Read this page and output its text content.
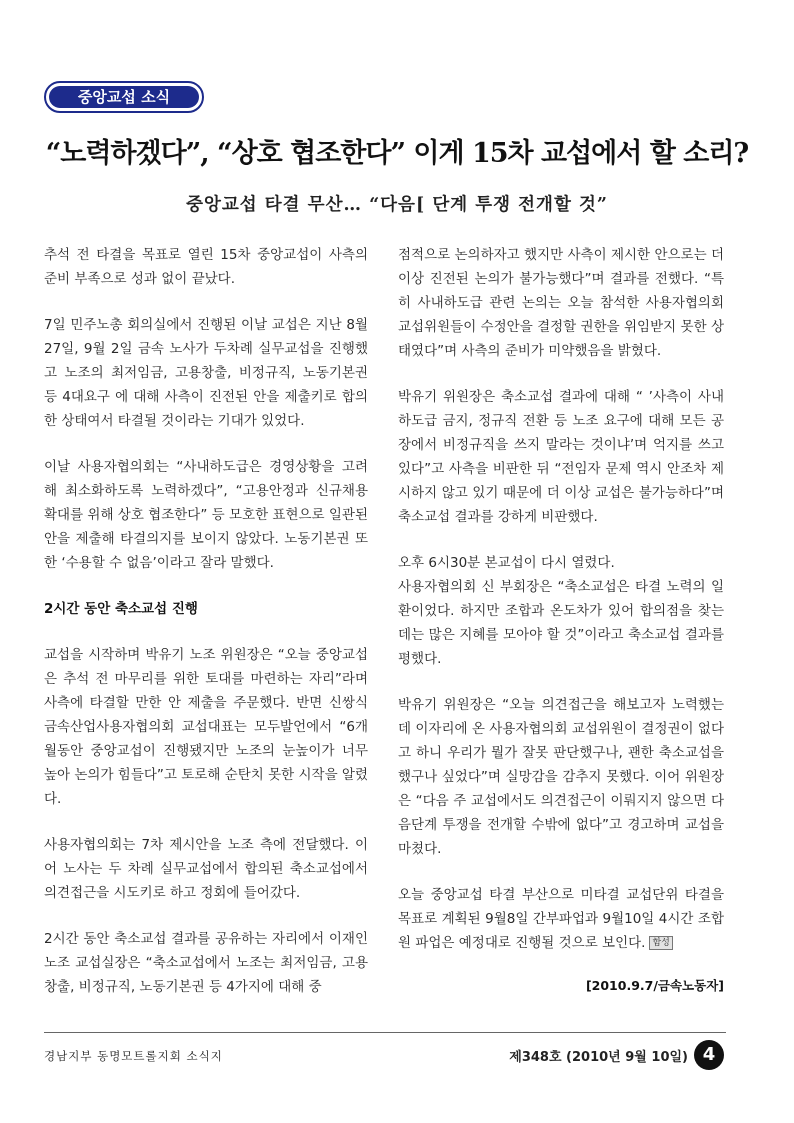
중앙교섭 소식
“노력하겠다”, “상호 협조한다” 이게 15차 교섭에서 할 소리?
중앙교섭 타결 무산… “다음[ 단계 투쟁 전개할 것”

추석 전 타결을 목표로 열린 15차 중앙교섭이 사측의 준비 부족으로 성과 없이 끝났다.

7일 민주노총 회의실에서 진행된 이날 교섭은 지난 8월 27일, 9월 2일 금속 노사가 두차례 실무교섭을 진행했고 노조의 최저임금, 고용창출, 비정규직, 노동기본권 등 4대요구 에 대해 사측이 진전된 안을 제출키로 합의한 상태여서 타결될 것이라는 기대가 있었다.

이날 사용자협의회는 “사내하도급은 경영상황을 고려해 최소화하도록 노력하겠다”, “고용안정과 신규채용 확대를 위해 상호 협조한다” 등 모호한 표현으로 일관된 안을 제출해 타결의지를 보이지 않았다. 노동기본권 또한 ‘수용할 수 없음’이라고 잘라 말했다.

2시간 동안 축소교섭 진행

교섭을 시작하며 박유기 노조 위원장은 “오늘 중앙교섭은 추석 전 마무리를 위한 토대를 마련하는 자리”라며 사측에 타결할 만한 안 제출을 주문했다. 반면 신쌍식 금속산업사용자협의회 교섭대표는 모두발언에서 “6개월동안 중앙교섭이 진행됐지만 노조의 눈높이가 너무 높아 논의가 힘들다”고 토로해 순탄치 못한 시작을 알렸다.

사용자협의회는 7차 제시안을 노조 측에 전달했다. 이어 노사는 두 차례 실무교섭에서 합의된 축소교섭에서 의견접근을 시도키로 하고 정회에 들어갔다.

2시간 동안 축소교섭 결과를 공유하는 자리에서 이재인 노조 교섭실장은 “축소교섭에서 노조는 최저임금, 고용창출, 비정규직, 노동기본권 등 4가지에 대해 중

점적으로 논의하자고 했지만 사측이 제시한 안으로는 더 이상 진전된 논의가 불가능했다”며 결과를 전했다. “특히 사내하도급 관련 논의는 오늘 참석한 사용자협의회 교섭위원들이 수정안을 결정할 권한을 위임받지 못한 상태였다”며 사측의 준비가 미약했음을 밝혔다.

박유기 위원장은 축소교섭 결과에 대해 “ ’사측이 사내하도급 금지, 정규직 전환 등 노조 요구에 대해 모든 공장에서 비정규직을 쓰지 말라는 것이냐’며 억지를 쓰고 있다”고 사측을 비판한 뒤 “전임자 문제 역시 안조차 제시하지 않고 있기 때문에 더 이상 교섭은 불가능하다”며 축소교섭 결과를 강하게 비판했다.

오후 6시30분 본교섭이 다시 열렸다.

사용자협의회 신 부회장은 “축소교섭은 타결 노력의 일환이었다. 하지만 조합과 온도차가 있어 합의점을 찾는데는 많은 지혜를 모아야 할 것”이라고 축소교섭 결과를 평했다.

박유기 위원장은 “오늘 의견접근을 해보고자 노력했는데 이자리에 온 사용자협의회 교섭위원이 결정권이 없다고 하니 우리가 뭘가 잘못 판단했구나, 괜한 축소교섭을 했구나 싶었다”며 실망감을 감추지 못했다. 이어 위원장은 “다음 주 교섭에서도 의견접근이 이뤄지지 않으면 다음단계 투쟁을 전개할 수밖에 없다”고 경고하며 교섭을 마쳤다.

오늘 중앙교섭 타결 부산으로 미타결 교섭단위 타결을 목표로 계획된 9월8일 간부파업과 9월10일 4시간 조합원 파업은 예정대로 진행될 것으로 보인다. 함성

[2010.9.7/금속노동자]
경남지부 동명모트롤지회 소식지	제348호 (2010년 9월 10일) 4
